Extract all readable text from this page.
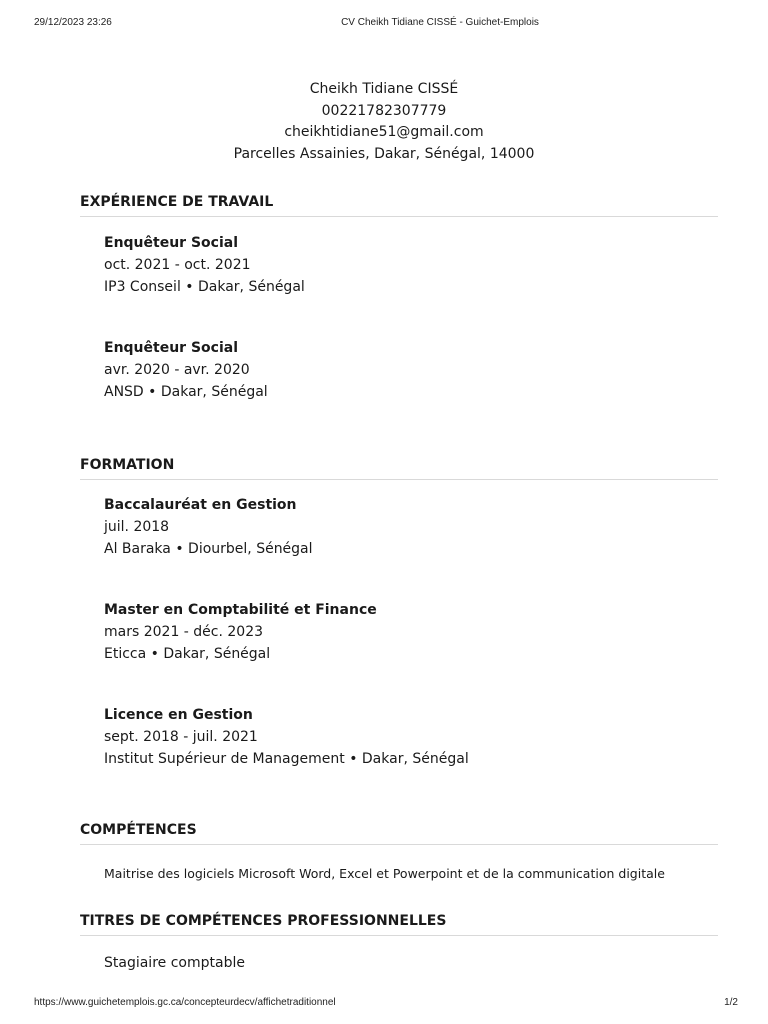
29/12/2023 23:26	CV Cheikh Tidiane CISSÉ - Guichet-Emplois
Cheikh Tidiane CISSÉ
00221782307779
cheikhtidiane51@gmail.com
Parcelles Assainies, Dakar, Sénégal, 14000
EXPÉRIENCE DE TRAVAIL
Enquêteur Social
oct. 2021 - oct. 2021
IP3 Conseil • Dakar, Sénégal
Enquêteur Social
avr. 2020 - avr. 2020
ANSD • Dakar, Sénégal
FORMATION
Baccalauréat en Gestion
juil. 2018
Al Baraka • Diourbel, Sénégal
Master en Comptabilité et Finance
mars 2021 - déc. 2023
Eticca • Dakar, Sénégal
Licence en Gestion
sept. 2018 - juil. 2021
Institut Supérieur de Management • Dakar, Sénégal
COMPÉTENCES
Maitrise des logiciels Microsoft Word, Excel et Powerpoint et de la communication digitale
TITRES DE COMPÉTENCES PROFESSIONNELLES
Stagiaire comptable
https://www.guichetemplois.gc.ca/concepteurdecv/affichetraditionnel	1/2
